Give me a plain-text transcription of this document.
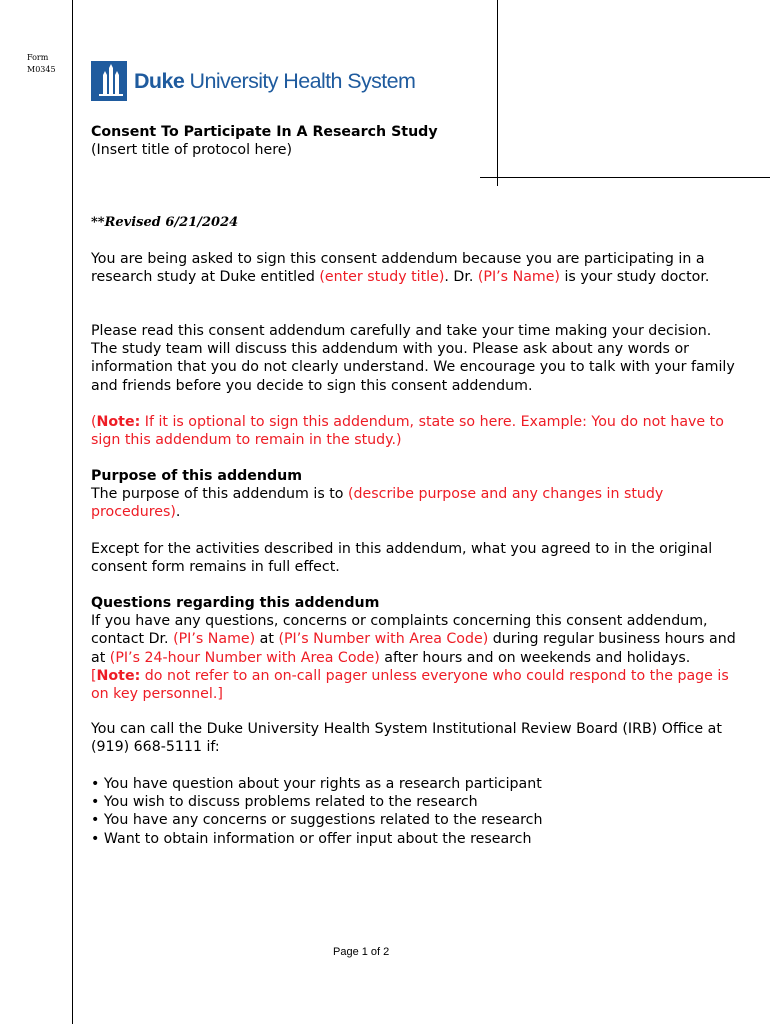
Form
M0345	Duke University Health System
Consent To Participate In A Research Study
(Insert title of protocol here)
**Revised 6/21/2024
You are being asked to sign this consent addendum because you are participating in a research study at Duke entitled (enter study title). Dr. (PI’s Name) is your study doctor.
Please read this consent addendum carefully and take your time making your decision. The study team will discuss this addendum with you. Please ask about any words or information that you do not clearly understand. We encourage you to talk with your family and friends before you decide to sign this consent addendum.
(Note: If it is optional to sign this addendum, state so here. Example: You do not have to sign this addendum to remain in the study.)
Purpose of this addendum
The purpose of this addendum is to (describe purpose and any changes in study procedures).
Except for the activities described in this addendum, what you agreed to in the original consent form remains in full effect.
Questions regarding this addendum
If you have any questions, concerns or complaints concerning this consent addendum, contact Dr. (PI’s Name) at (PI’s Number with Area Code) during regular business hours and at (PI’s 24-hour Number with Area Code) after hours and on weekends and holidays. [Note: do not refer to an on-call pager unless everyone who could respond to the page is on key personnel.]
You can call the Duke University Health System Institutional Review Board (IRB) Office at (919) 668-5111 if:
• You have question about your rights as a research participant
• You wish to discuss problems related to the research
• You have any concerns or suggestions related to the research
• Want to obtain information or offer input about the research
Page 1 of 2
